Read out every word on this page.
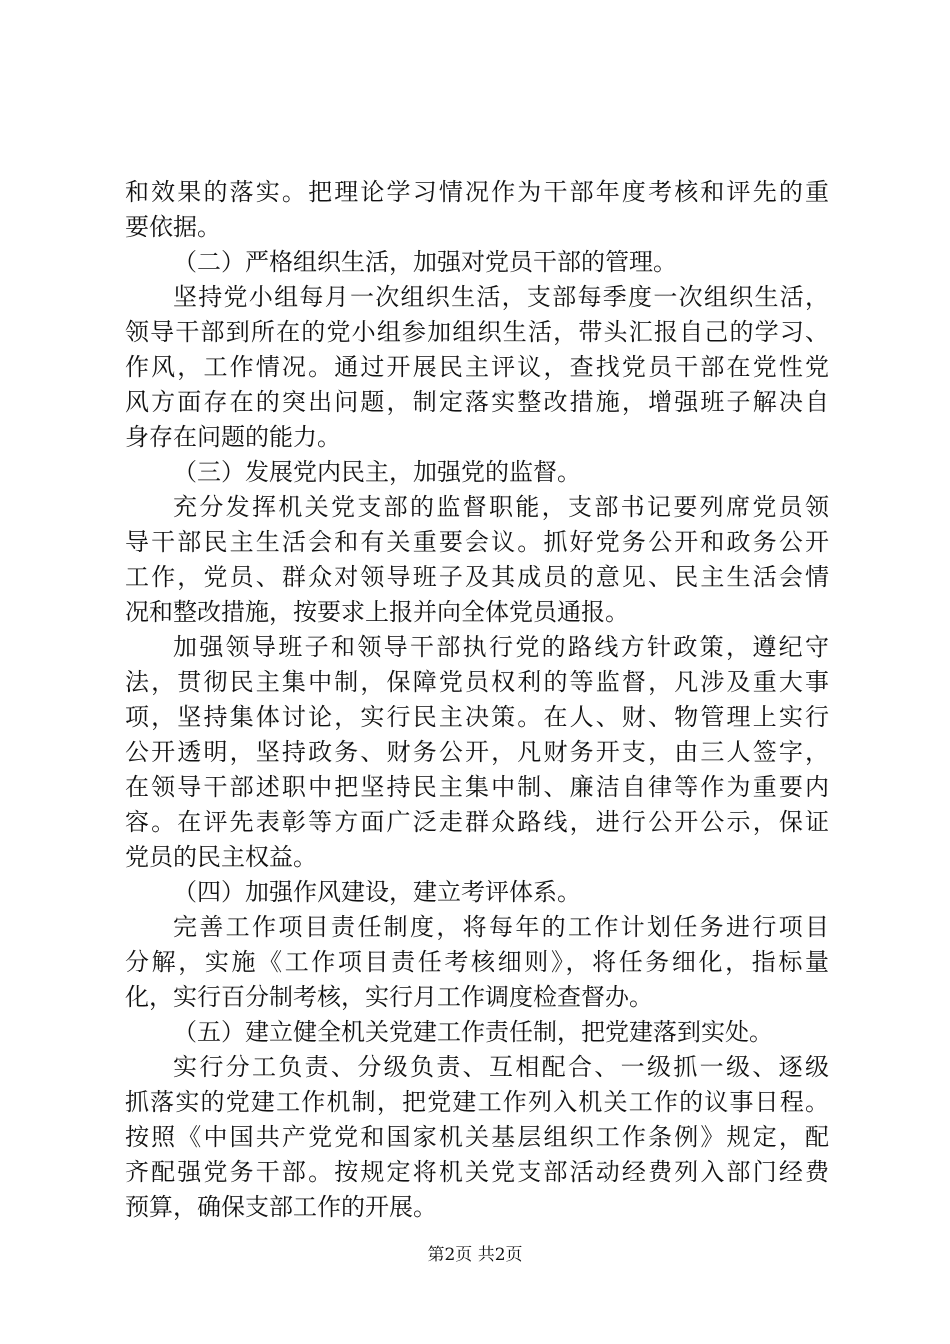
和效果的落实。把理论学习情况作为干部年度考核和评先的重
要依据。
（二）严格组织生活，加强对党员干部的管理。
坚持党小组每月一次组织生活，支部每季度一次组织生活，
领导干部到所在的党小组参加组织生活，带头汇报自己的学习、
作风，工作情况。通过开展民主评议，查找党员干部在党性党
风方面存在的突出问题，制定落实整改措施，增强班子解决自
身存在问题的能力。
（三）发展党内民主，加强党的监督。
充分发挥机关党支部的监督职能，支部书记要列席党员领
导干部民主生活会和有关重要会议。抓好党务公开和政务公开
工作，党员、群众对领导班子及其成员的意见、民主生活会情
况和整改措施，按要求上报并向全体党员通报。
加强领导班子和领导干部执行党的路线方针政策，遵纪守
法，贯彻民主集中制，保障党员权利的等监督，凡涉及重大事
项，坚持集体讨论，实行民主决策。在人、财、物管理上实行
公开透明，坚持政务、财务公开，凡财务开支，由三人签字，
在领导干部述职中把坚持民主集中制、廉洁自律等作为重要内
容。在评先表彰等方面广泛走群众路线，进行公开公示，保证
党员的民主权益。
（四）加强作风建设，建立考评体系。
完善工作项目责任制度，将每年的工作计划任务进行项目
分解，实施《工作项目责任考核细则》，将任务细化，指标量
化，实行百分制考核，实行月工作调度检查督办。
（五）建立健全机关党建工作责任制，把党建落到实处。
实行分工负责、分级负责、互相配合、一级抓一级、逐级
抓落实的党建工作机制，把党建工作列入机关工作的议事日程。
按照《中国共产党党和国家机关基层组织工作条例》规定，配
齐配强党务干部。按规定将机关党支部活动经费列入部门经费
预算，确保支部工作的开展。
第2页 共2页
